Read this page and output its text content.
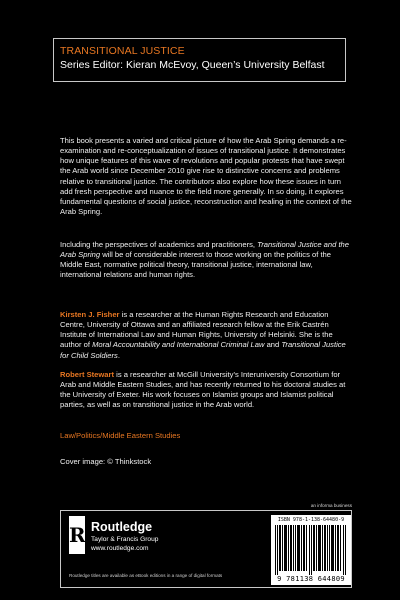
TRANSITIONAL JUSTICE
Series Editor: Kieran McEvoy, Queen’s University Belfast

This book presents a varied and critical picture of how the Arab Spring demands a re-examination and re-conceptualization of issues of transitional justice. It demonstrates how unique features of this wave of revolutions and popular protests that have swept the Arab world since December 2010 give rise to distinctive concerns and problems relative to transitional justice. The contributors also explore how these issues in turn add fresh perspective and nuance to the field more generally. In so doing, it explores fundamental questions of social justice, reconstruction and healing in the context of the Arab Spring.

Including the perspectives of academics and practitioners, Transitional Justice and the Arab Spring will be of considerable interest to those working on the politics of the Middle East, normative political theory, transitional justice, international law, international relations and human rights.

Kirsten J. Fisher is a researcher at the Human Rights Research and Education Centre, University of Ottawa and an affiliated research fellow at the Erik Castrén Institute of International Law and Human Rights, University of Helsinki. She is the author of Moral Accountability and International Criminal Law and Transitional Justice for Child Soldiers.

Robert Stewart is a researcher at McGill University’s Interuniversity Consortium for Arab and Middle Eastern Studies, and has recently returned to his doctoral studies at the University of Exeter. His work focuses on Islamist groups and Islamist political parties, as well as on transitional justice in the Arab world.

Law/Politics/Middle Eastern Studies
Cover image: © Thinkstock
an informa business
R Routledge
Taylor & Francis Group
www.routledge.com
Routledge titles are available as eBook editions in a range of digital formats
ISBN 978-1-138-64480-9
9 781138 644809
